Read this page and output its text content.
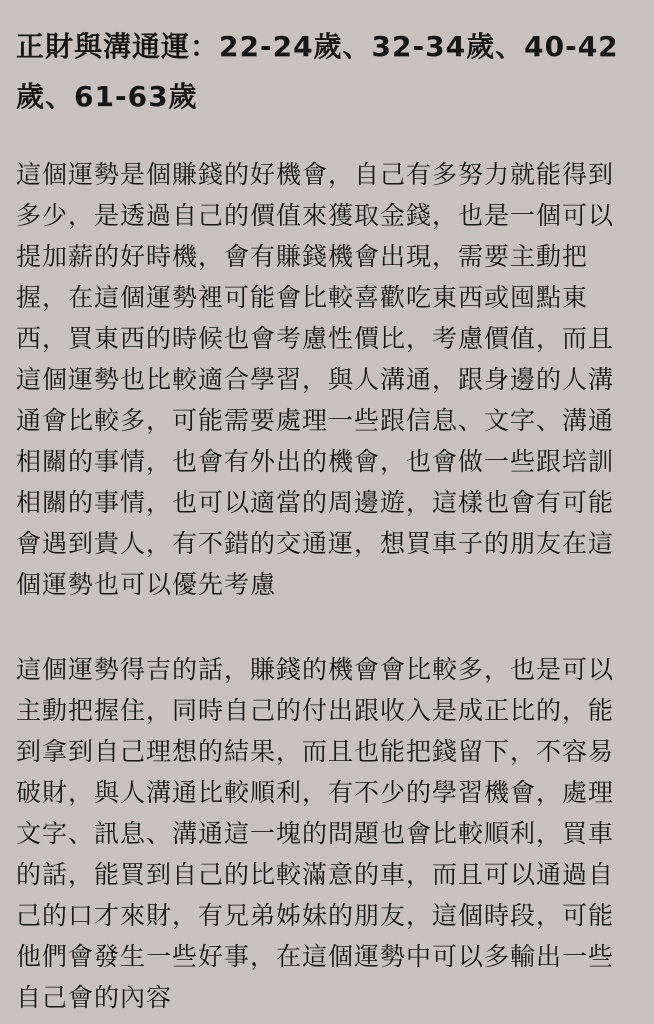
正財與溝通運：22-24歲、32-34歲、40-42歲、61-63歲

這個運勢是個賺錢的好機會，自己有多努力就能得到多少，是透過自己的價值來獲取金錢，也是一個可以提加薪的好時機，會有賺錢機會出現，需要主動把握，在這個運勢裡可能會比較喜歡吃東西或囤點東西，買東西的時候也會考慮性價比，考慮價值，而且這個運勢也比較適合學習，與人溝通，跟身邊的人溝通會比較多，可能需要處理一些跟信息、文字、溝通相關的事情，也會有外出的機會，也會做一些跟培訓相關的事情，也可以適當的周邊遊，這樣也會有可能會遇到貴人，有不錯的交通運，想買車子的朋友在這個運勢也可以優先考慮

這個運勢得吉的話，賺錢的機會會比較多，也是可以主動把握住，同時自己的付出跟收入是成正比的，能到拿到自己理想的結果，而且也能把錢留下，不容易破財，與人溝通比較順利，有不少的學習機會，處理文字、訊息、溝通這一塊的問題也會比較順利，買車的話，能買到自己的比較滿意的車，而且可以通過自己的口才來財，有兄弟姊妹的朋友，這個時段，可能他們會發生一些好事，在這個運勢中可以多輸出一些自己會的內容
